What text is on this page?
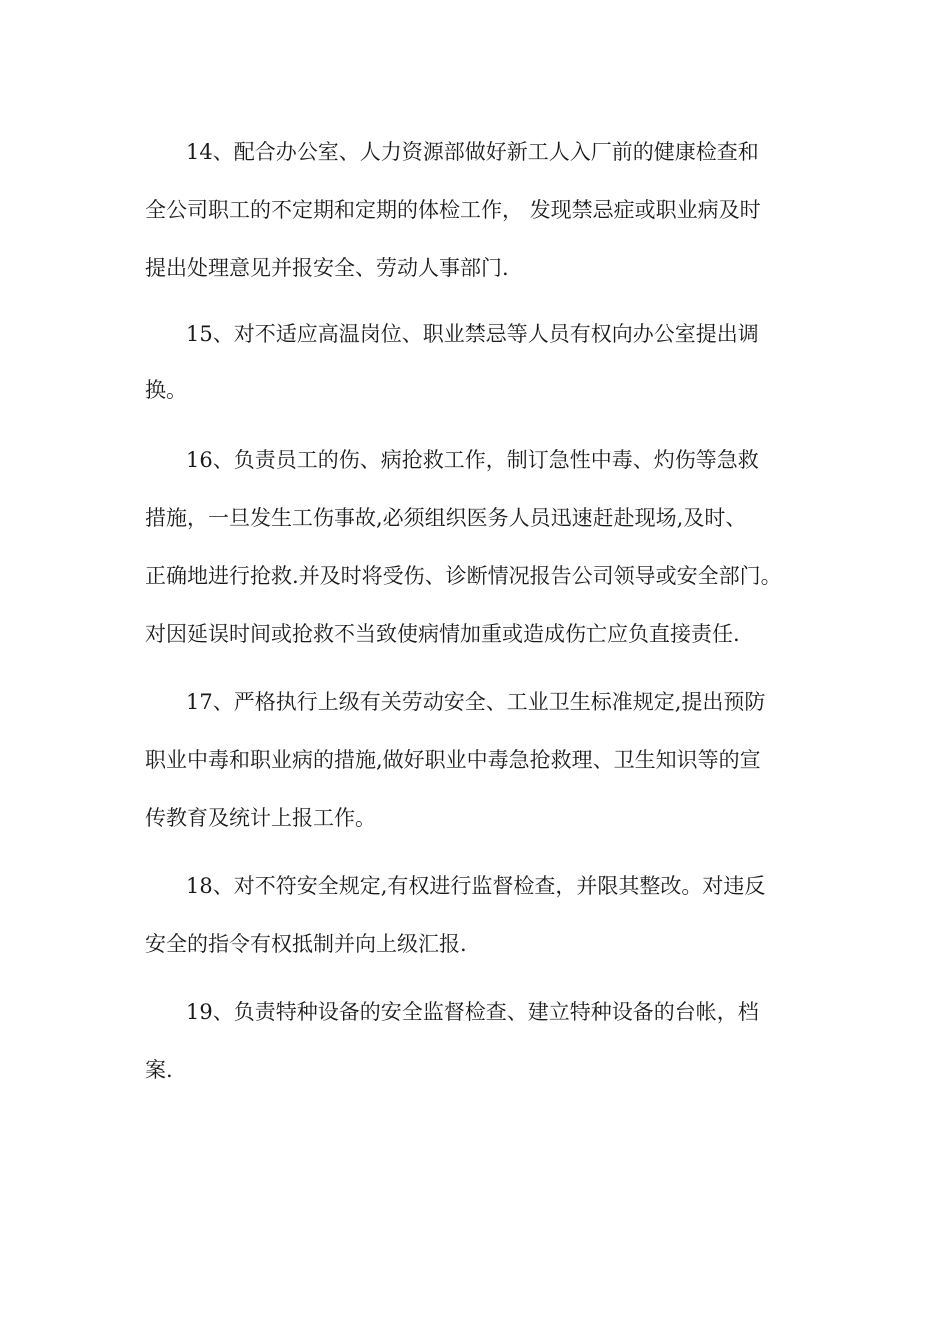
14、配合办公室、人力资源部做好新工人入厂前的健康检查和
全公司职工的不定期和定期的体检工作， 发现禁忌症或职业病及时
提出处理意见并报安全、劳动人事部门.
15、对不适应高温岗位、职业禁忌等人员有权向办公室提出调
换。
16、负责员工的伤、病抢救工作，制订急性中毒、灼伤等急救
措施，一旦发生工伤事故,必须组织医务人员迅速赶赴现场,及时、
正确地进行抢救.并及时将受伤、诊断情况报告公司领导或安全部门。
对因延误时间或抢救不当致使病情加重或造成伤亡应负直接责任.
17、严格执行上级有关劳动安全、工业卫生标准规定,提出预防
职业中毒和职业病的措施,做好职业中毒急抢救理、卫生知识等的宣
传教育及统计上报工作。
18、对不符安全规定,有权进行监督检查，并限其整改。对违反
安全的指令有权抵制并向上级汇报.
19、负责特种设备的安全监督检查、建立特种设备的台帐，档
案.
